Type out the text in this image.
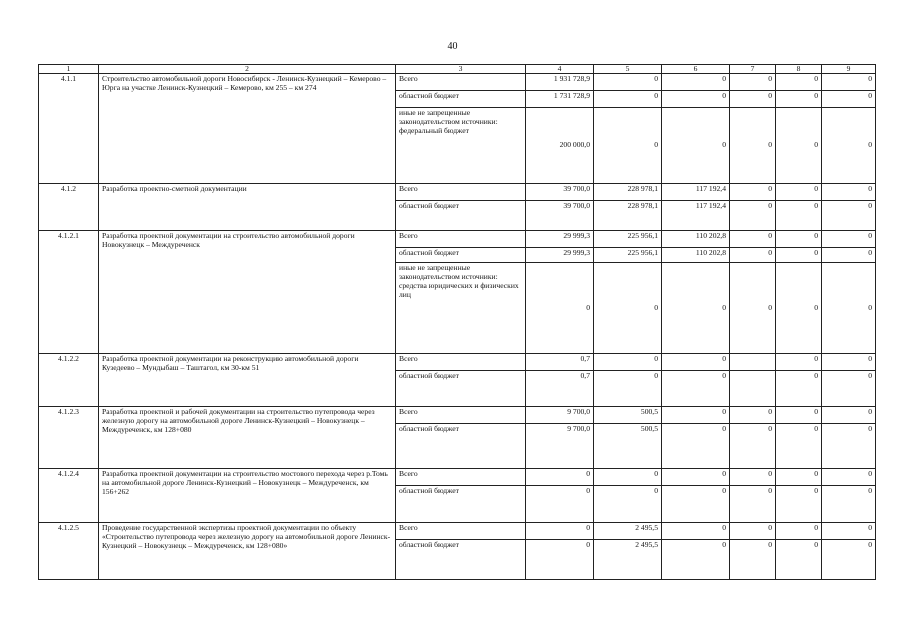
40
1	2	3	4	5	6	7	8	9
4.1.1	Строительство автомобильной дороги Новосибирск - Ленинск-Кузнецкий – Кемерово – Юрга на участке Ленинск-Кузнецкий – Кемерово, км 255 – км 274	Всего	1 931 728,9	0	0	0	0	0
		областной бюджет	1 731 728,9	0	0	0	0	0
		иные не запрещенные законодательством источники:
федеральный бюджет	200 000,0	0	0	0	0	0
4.1.2	Разработка проектно-сметной документации	Всего	39 700,0	228 978,1	117 192,4	0	0	0
		областной бюджет	39 700,0	228 978,1	117 192,4	0	0	0
4.1.2.1	Разработка проектной документации на строительство автомобильной дороги Новокузнецк – Междуреченск	Всего	29 999,3	225 956,1	110 202,8	0	0	0
		областной бюджет	29 999,3	225 956,1	110 202,8	0	0	0
		иные не запрещенные законодательством источники:
средства юридических и физических лиц	0	0	0	0	0	0
4.1.2.2	Разработка проектной документации на реконструкцию автомобильной дороги Кузедеево – Мундыбаш – Таштагол, км 30-км 51	Всего	0,7	0	0		0	0
		областной бюджет	0,7	0	0		0	0
4.1.2.3	Разработка проектной и рабочей документации на строительство путепровода через железную дорогу на автомобильной дороге Ленинск-Кузнецкий – Новокузнецк – Междуреченск, км 128+080	Всего	9 700,0	500,5	0	0	0	0
		областной бюджет	9 700,0	500,5	0	0	0	0
4.1.2.4	Разработка проектной документации на строительство мостового перехода через р.Томь на автомобильной дороге Ленинск-Кузнецкий – Новокузнецк – Междуреченск, км 156+262	Всего	0	0	0	0	0	0
		областной бюджет	0	0	0	0	0	0
4.1.2.5	Проведение государственной экспертизы проектной документации по объекту «Строительство путепровода через железную дорогу на автомобильной дороге Ленинск-Кузнецкий – Новокузнецк – Междуреченск, км 128+080»	Всего	0	2 495,5	0	0	0	0
		областной бюджет	0	2 495,5	0	0	0	0
